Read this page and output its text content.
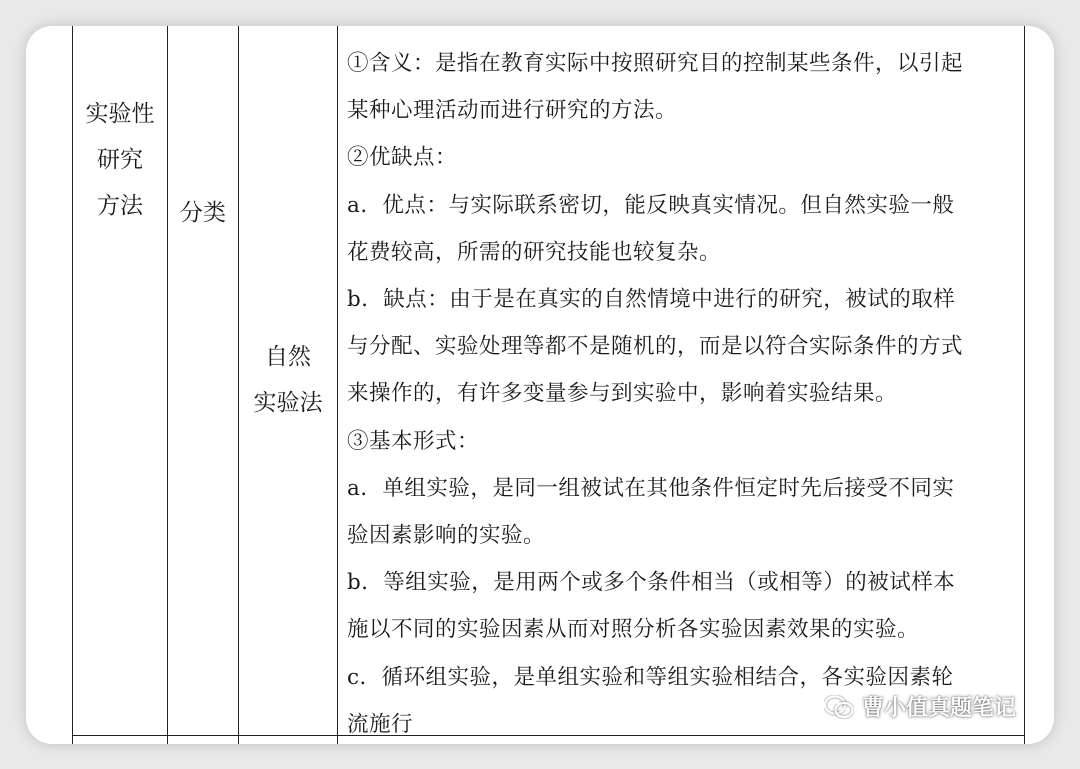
实验性
研究
方法	分类
自然
实验法

①含义：是指在教育实际中按照研究目的控制某些条件，以引起

某种心理活动而进行研究的方法。

②优缺点：

a．优点：与实际联系密切，能反映真实情况。但自然实验一般

花费较高，所需的研究技能也较复杂。

b．缺点：由于是在真实的自然情境中进行的研究，被试的取样

与分配、实验处理等都不是随机的，而是以符合实际条件的方式

来操作的，有许多变量参与到实验中，影响着实验结果。

③基本形式：

a．单组实验，是同一组被试在其他条件恒定时先后接受不同实

验因素影响的实验。

b．等组实验，是用两个或多个条件相当（或相等）的被试样本

施以不同的实验因素从而对照分析各实验因素效果的实验。

c．循环组实验，是单组实验和等组实验相结合，各实验因素轮

流施行

曹小值真题笔记
